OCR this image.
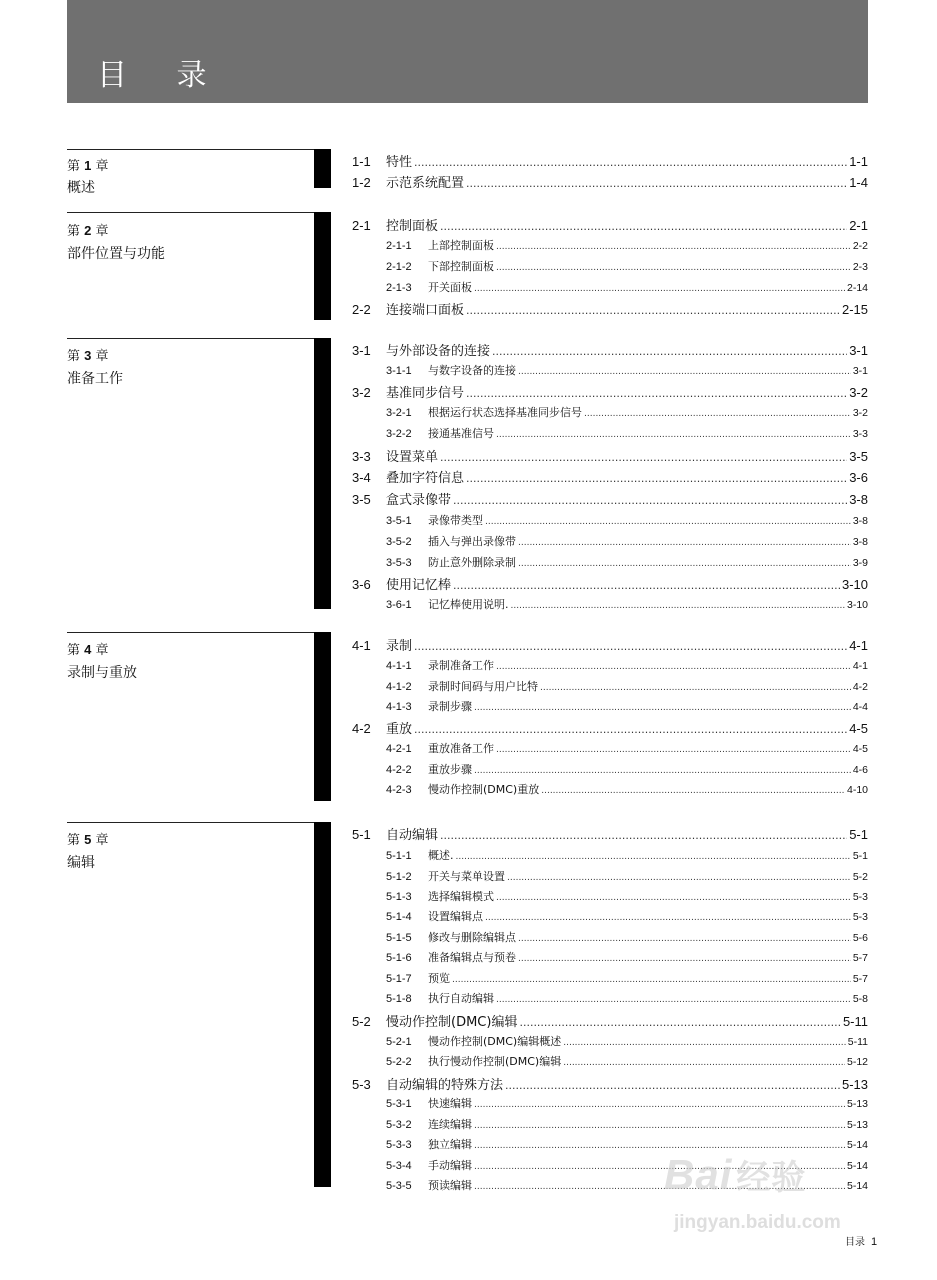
目 录
第 1 章
概述
第 2 章
部件位置与功能
第 3 章
准备工作
第 4 章
录制与重放
第 5 章
编辑
1-1	特性 .....	1-1
1-2	示范系统配置 .....	1-4
2-1	控制面板 .....	2-1
2-1-1	上部控制面板 .....	2-2
2-1-2	下部控制面板 .....	2-3
2-1-3	开关面板 .....	2-14
2-2	连接端口面板 .....	2-15
3-1	与外部设备的连接 .....	3-1
3-1-1	与数字设备的连接 .....	3-1
3-2	基准同步信号 .....	3-2
3-2-1	根据运行状态选择基准同步信号 .....	3-2
3-2-2	接通基准信号 .....	3-3
3-3	设置菜单 .....	3-5
3-4	叠加字符信息 .....	3-6
3-5	盒式录像带 .....	3-8
3-5-1	录像带类型 .....	3-8
3-5-2	插入与弹出录像带 .....	3-8
3-5-3	防止意外删除录制 .....	3-9
3-6	使用记忆棒 .....	3-10
3-6-1	记忆棒使用说明. .....	3-10
4-1	录制 .....	4-1
4-1-1	录制准备工作 .....	4-1
4-1-2	录制时间码与用户比特 .....	4-2
4-1-3	录制步骤 .....	4-4
4-2	重放 .....	4-5
4-2-1	重放准备工作 .....	4-5
4-2-2	重放步骤 .....	4-6
4-2-3	慢动作控制(DMC)重放 .....	4-10
5-1	自动编辑 .....	5-1
5-1-1	概述. .....	5-1
5-1-2	开关与菜单设置 .....	5-2
5-1-3	选择编辑模式 .....	5-3
5-1-4	设置编辑点 .....	5-3
5-1-5	修改与删除编辑点 .....	5-6
5-1-6	准备编辑点与预卷 .....	5-7
5-1-7	预览 .....	5-7
5-1-8	执行自动编辑 .....	5-8
5-2	慢动作控制(DMC)编辑 .....	5-11
5-2-1	慢动作控制(DMC)编辑概述 .....	5-11
5-2-2	执行慢动作控制(DMC)编辑 .....	5-12
5-3	自动编辑的特殊方法 .....	5-13
5-3-1	快速编辑 .....	5-13
5-3-2	连续编辑 .....	5-13
5-3-3	独立编辑 .....	5-14
5-3-4	手动编辑 .....	5-14
5-3-5	预读编辑 .....	5-14
目录 1
Bai 经验
jingyan.baidu.com
